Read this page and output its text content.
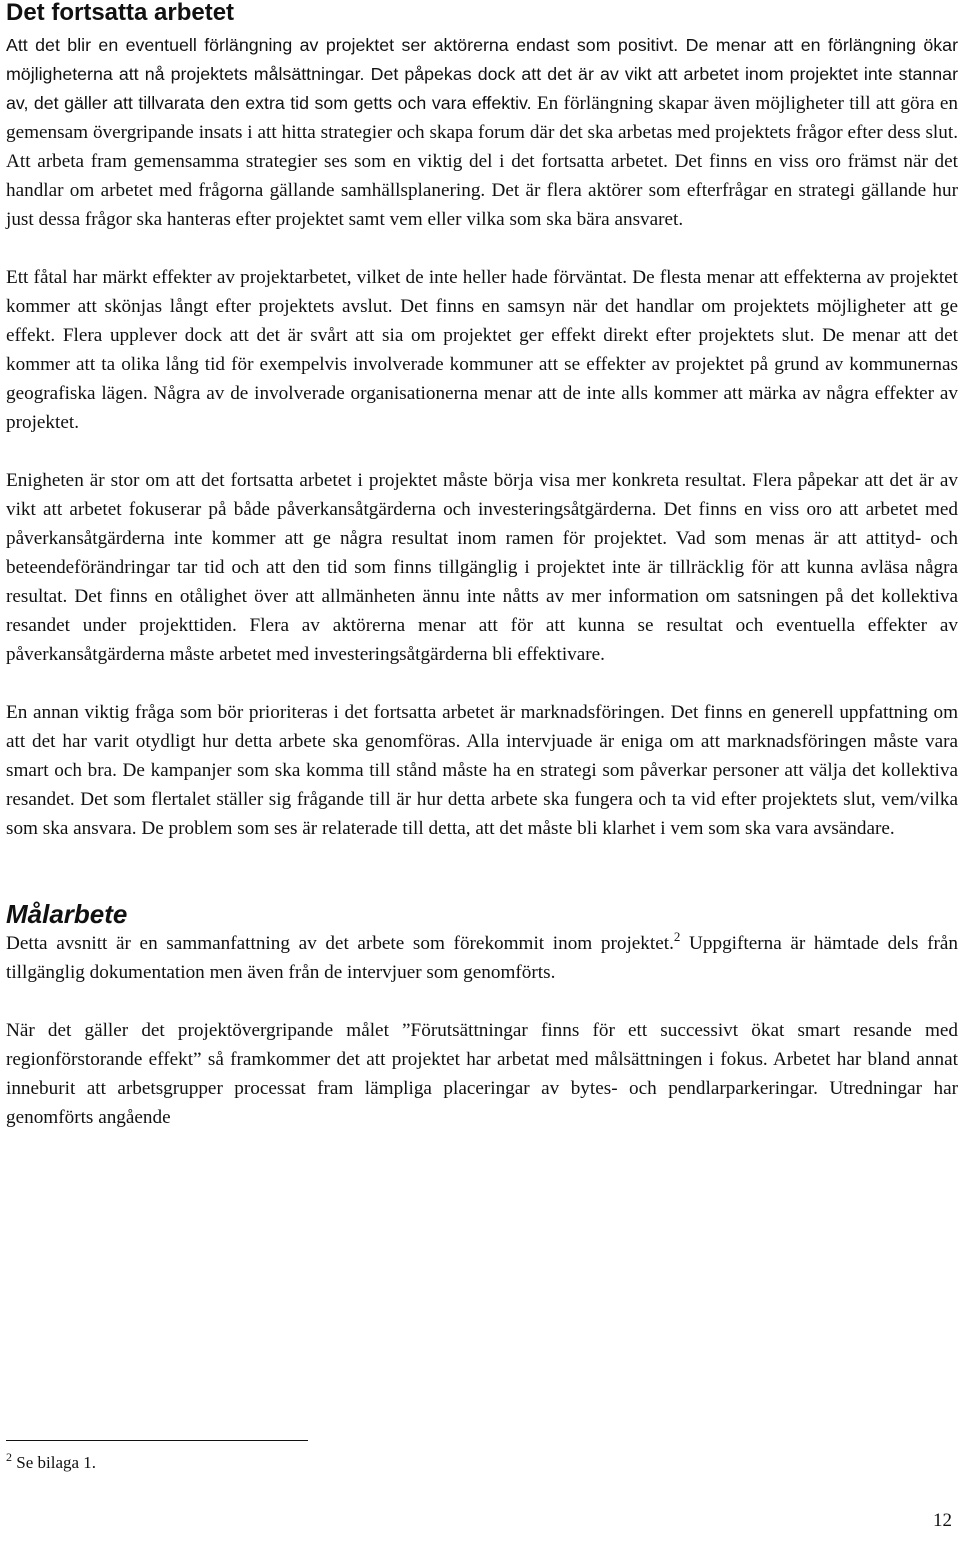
Det fortsatta arbetet

Att det blir en eventuell förlängning av projektet ser aktörerna endast som positivt. De menar att en förlängning ökar möjligheterna att nå projektets målsättningar. Det påpekas dock att det är av vikt att arbetet inom projektet inte stannar av, det gäller att tillvarata den extra tid som getts och vara effektiv. En förlängning skapar även möjligheter till att göra en gemensam övergripande insats i att hitta strategier och skapa forum där det ska arbetas med projektets frågor efter dess slut. Att arbeta fram gemensamma strategier ses som en viktig del i det fortsatta arbetet. Det finns en viss oro främst när det handlar om arbetet med frågorna gällande samhällsplanering. Det är flera aktörer som efterfrågar en strategi gällande hur just dessa frågor ska hanteras efter projektet samt vem eller vilka som ska bära ansvaret.

Ett fåtal har märkt effekter av projektarbetet, vilket de inte heller hade förväntat. De flesta menar att effekterna av projektet kommer att skönjas långt efter projektets avslut. Det finns en samsyn när det handlar om projektets möjligheter att ge effekt. Flera upplever dock att det är svårt att sia om projektet ger effekt direkt efter projektets slut. De menar att det kommer att ta olika lång tid för exempelvis involverade kommuner att se effekter av projektet på grund av kommunernas geografiska lägen. Några av de involverade organisationerna menar att de inte alls kommer att märka av några effekter av projektet.

Enigheten är stor om att det fortsatta arbetet i projektet måste börja visa mer konkreta resultat. Flera påpekar att det är av vikt att arbetet fokuserar på både påverkansåtgärderna och investeringsåtgärderna. Det finns en viss oro att arbetet med påverkansåtgärderna inte kommer att ge några resultat inom ramen för projektet. Vad som menas är att attityd- och beteendeförändringar tar tid och att den tid som finns tillgänglig i projektet inte är tillräcklig för att kunna avläsa några resultat. Det finns en otålighet över att allmänheten ännu inte nåtts av mer information om satsningen på det kollektiva resandet under projekttiden. Flera av aktörerna menar att för att kunna se resultat och eventuella effekter av påverkansåtgärderna måste arbetet med investeringsåtgärderna bli effektivare.

En annan viktig fråga som bör prioriteras i det fortsatta arbetet är marknadsföringen. Det finns en generell uppfattning om att det har varit otydligt hur detta arbete ska genomföras. Alla intervjuade är eniga om att marknadsföringen måste vara smart och bra. De kampanjer som ska komma till stånd måste ha en strategi som påverkar personer att välja det kollektiva resandet. Det som flertalet ställer sig frågande till är hur detta arbete ska fungera och ta vid efter projektets slut, vem/vilka som ska ansvara. De problem som ses är relaterade till detta, att det måste bli klarhet i vem som ska vara avsändare.

Målarbete

Detta avsnitt är en sammanfattning av det arbete som förekommit inom projektet.$^2$ Uppgifterna är hämtade dels från tillgänglig dokumentation men även från de intervjuer som genomförts.

När det gäller det projektövergripande målet ”Förutsättningar finns för ett successivt ökat smart resande med regionförstorande effekt” så framkommer det att projektet har arbetat med målsättningen i fokus. Arbetet har bland annat inneburit att arbetsgrupper processat fram lämpliga placeringar av bytes- och pendlarparkeringar. Utredningar har genomförts angående

$^2$ Se bilaga 1.
12
